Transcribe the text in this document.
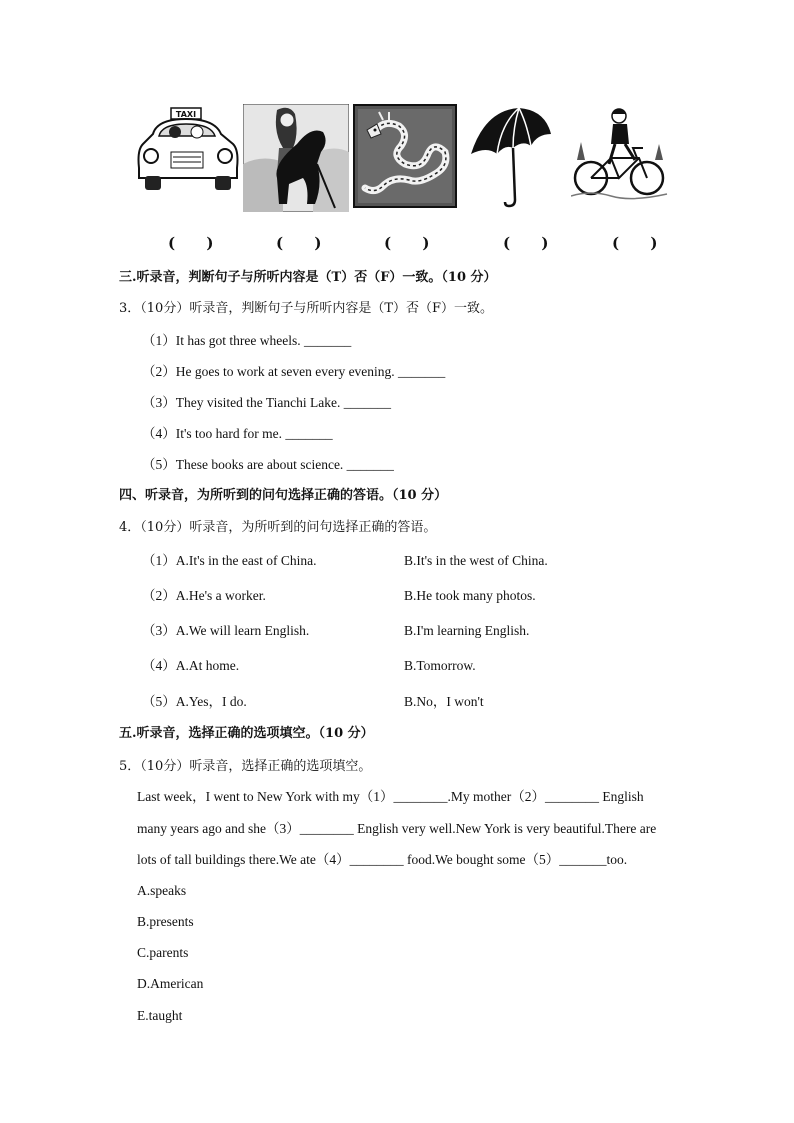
TAXI
(      )	(      )	(      )	(      )	(      )
三.听录音，判断句子与所听内容是（T）否（F）一致。（10 分）
3．（10分）听录音，判断句子与所听内容是（T）否（F）一致。
（1）It has got three wheels. _______
（2）He goes to work at seven every evening. _______
（3）They visited the Tianchi Lake. _______
（4）It's too hard for me. _______
（5）These books are about science. _______
四、听录音，为所听到的问句选择正确的答语。（10 分）
4．（10分）听录音，为所听到的问句选择正确的答语。
（1）A.It's in the east of China.	B.It's in the west of China.
（2）A.He's a worker.	B.He took many photos.
（3）A.We will learn English.	B.I'm learning English.
（4）A.At home.	B.Tomorrow.
（5）A.Yes，I do.	B.No，I won't
五.听录音，选择正确的选项填空。（10 分）
5．（10分）听录音，选择正确的选项填空。
Last week，I went to New York with my（1）________.My mother（2）________ English
many years ago and she（3）________ English very well.New York is very beautiful.There are
lots of tall buildings there.We ate（4）________ food.We bought some（5）_______too.
A.speaks
B.presents
C.parents
D.American
E.taught
